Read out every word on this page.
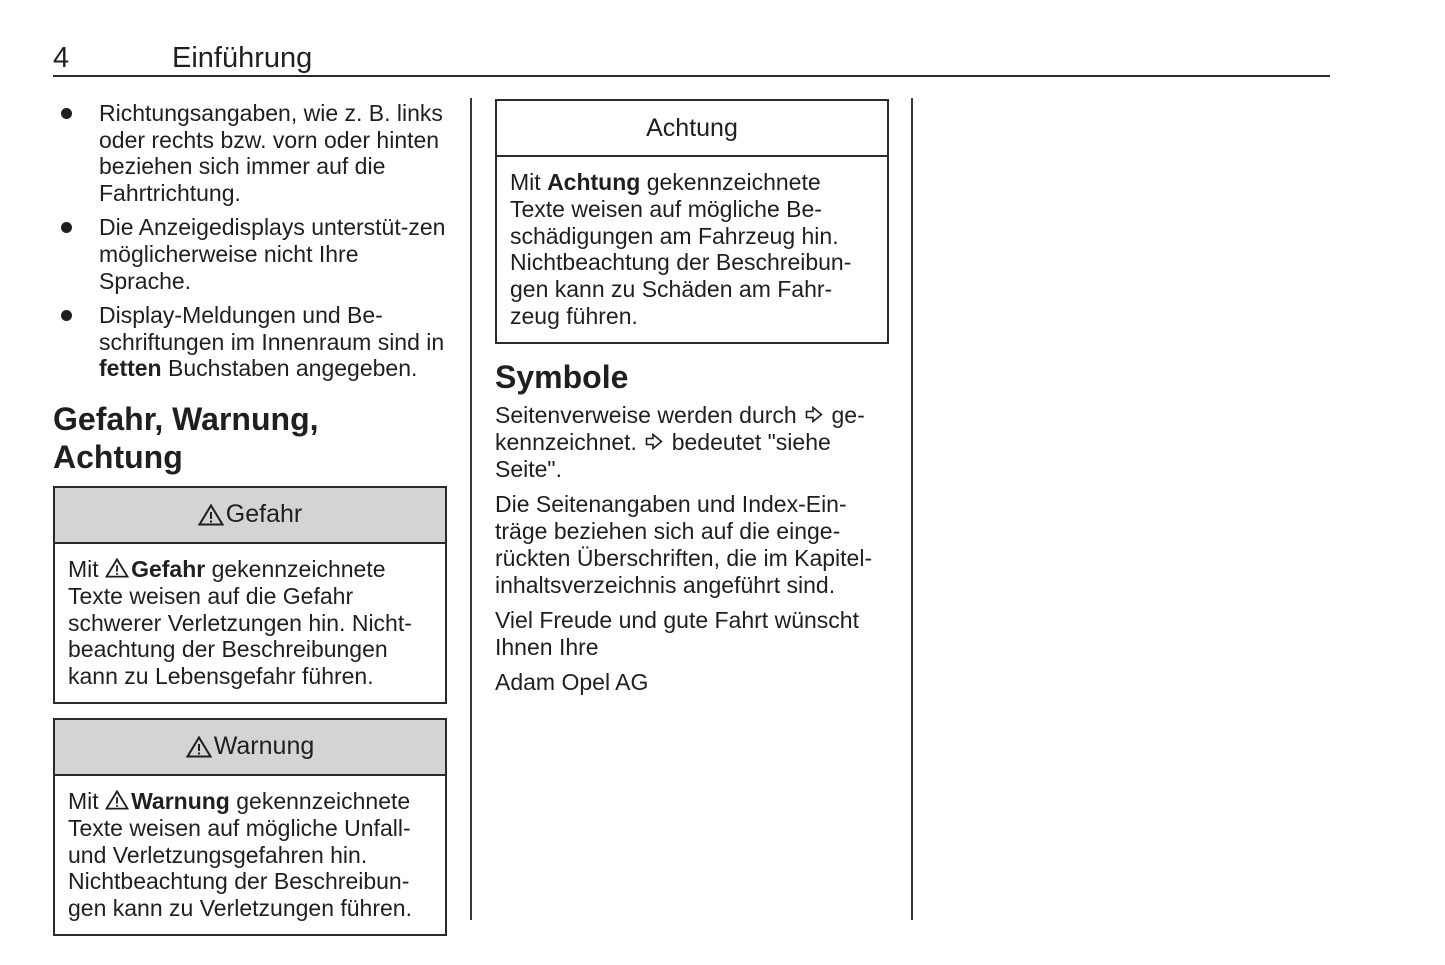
4	Einführung
Richtungsangaben, wie z. B. links oder rechts bzw. vorn oder hinten beziehen sich immer auf die Fahrtrichtung.
Die Anzeigedisplays unterstüt-zen möglicherweise nicht Ihre Sprache.
Display-Meldungen und Be-schriftungen im Innenraum sind in fetten Buchstaben angegeben.
Gefahr, Warnung, Achtung
Gefahr
Mit Gefahr gekennzeichnete Texte weisen auf die Gefahr schwerer Verletzungen hin. Nicht-beachtung der Beschreibungen kann zu Lebensgefahr führen.
Warnung
Mit Warnung gekennzeichnete Texte weisen auf mögliche Unfall- und Verletzungsgefahren hin. Nichtbeachtung der Beschreibun-gen kann zu Verletzungen führen.
Achtung
Mit Achtung gekennzeichnete Texte weisen auf mögliche Be-schädigungen am Fahrzeug hin. Nichtbeachtung der Beschreibun-gen kann zu Schäden am Fahr-zeug führen.
Symbole

Seitenverweise werden durch  ge-kennzeichnet.  bedeutet "siehe Seite".

Die Seitenangaben und Index-Ein-träge beziehen sich auf die einge-rückten Überschriften, die im Kapitel-inhaltsverzeichnis angeführt sind.

Viel Freude und gute Fahrt wünscht Ihnen Ihre

Adam Opel AG
